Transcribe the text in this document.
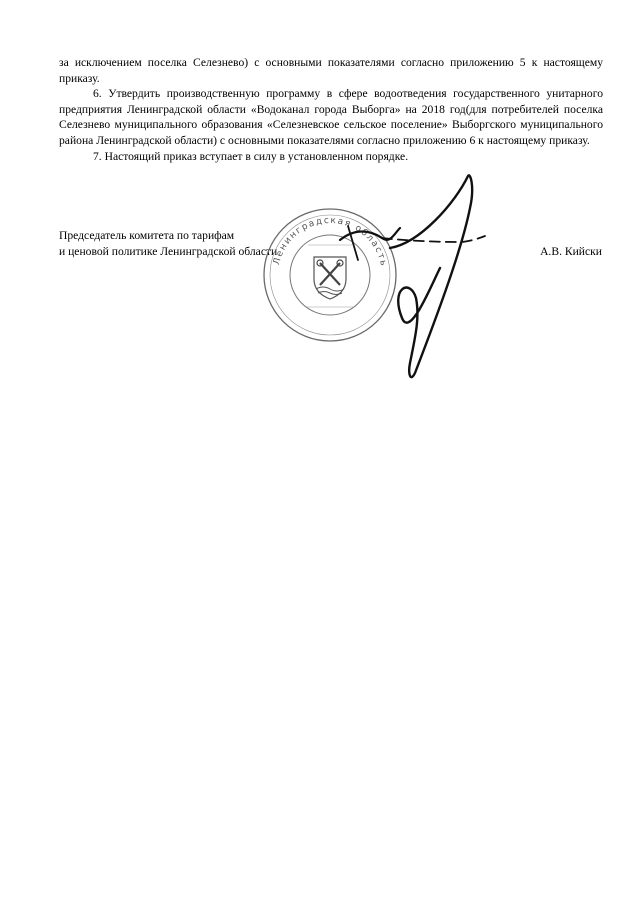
за исключением поселка Селезнево) с основными показателями согласно приложению 5 к настоящему приказу.

6. Утвердить производственную программу в сфере водоотведения государственного унитарного предприятия Ленинградской области «Водоканал города Выборга» на 2018 год(для потребителей поселка Селезнево муниципального образования «Селезневское сельское поселение» Выборгского муниципального района Ленинградской области) с основными показателями согласно приложению 6 к настоящему приказу.

7. Настоящий приказ вступает в силу в установленном порядке.

Председатель комитета по тарифам
и ценовой политике Ленинградской области	А.В. Кийски
Ленинградская область
